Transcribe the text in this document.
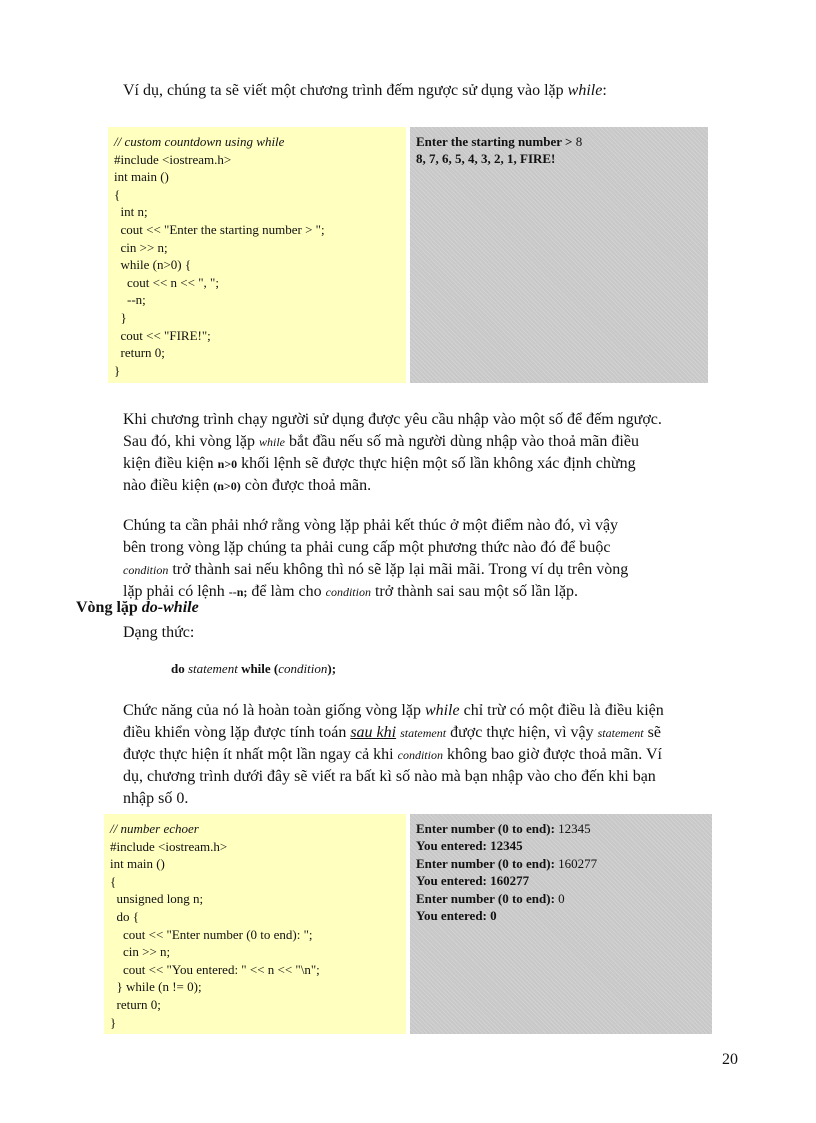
Ví dụ, chúng ta sẽ viết một chương trình đếm ngược sử dụng vào lặp while:
// custom countdown using while
#include <iostream.h>
int main ()
{
int n;
cout << "Enter the starting number > ";
cin >> n;
while (n>0) {
cout << n << ", ";
--n;
}
cout << "FIRE!";
return 0;
}
Enter the starting number > 8
8, 7, 6, 5, 4, 3, 2, 1, FIRE!
Khi chương trình chạy người sử dụng được yêu cầu nhập vào một số để đếm ngược.
Sau đó, khi vòng lặp while bắt đầu nếu số mà người dùng nhập vào thoả mãn điều
kiện điều kiện n>0 khối lệnh sẽ được thực hiện một số lần không xác định chừng
nào điều kiện (n>0) còn được thoả mãn.
Chúng ta cần phải nhớ rằng vòng lặp phải kết thúc ở một điểm nào đó, vì vậy
bên trong vòng lặp chúng ta phải cung cấp một phương thức nào đó để buộc
condition trở thành sai nếu không thì nó sẽ lặp lại mãi mãi. Trong ví dụ trên vòng
lặp phải có lệnh --n; để làm cho condition trở thành sai sau một số lần lặp.
Vòng lặp do-while
Dạng thức:
do statement while (condition);
Chức năng của nó là hoàn toàn giống vòng lặp while chỉ trừ có một điều là điều kiện
điều khiển vòng lặp được tính toán sau khi statement được thực hiện, vì vậy statement sẽ
được thực hiện ít nhất một lần ngay cả khi condition không bao giờ được thoả mãn. Ví
dụ, chương trình dưới đây sẽ viết ra bất kì số nào mà bạn nhập vào cho đến khi bạn
nhập số 0.
// number echoer
#include <iostream.h>
int main ()
{
unsigned long n;
do {
cout << "Enter number (0 to end): ";
cin >> n;
cout << "You entered: " << n << "\n";
} while (n != 0);
return 0;
}
Enter number (0 to end): 12345
You entered: 12345
Enter number (0 to end): 160277
You entered: 160277
Enter number (0 to end): 0
You entered: 0
20
